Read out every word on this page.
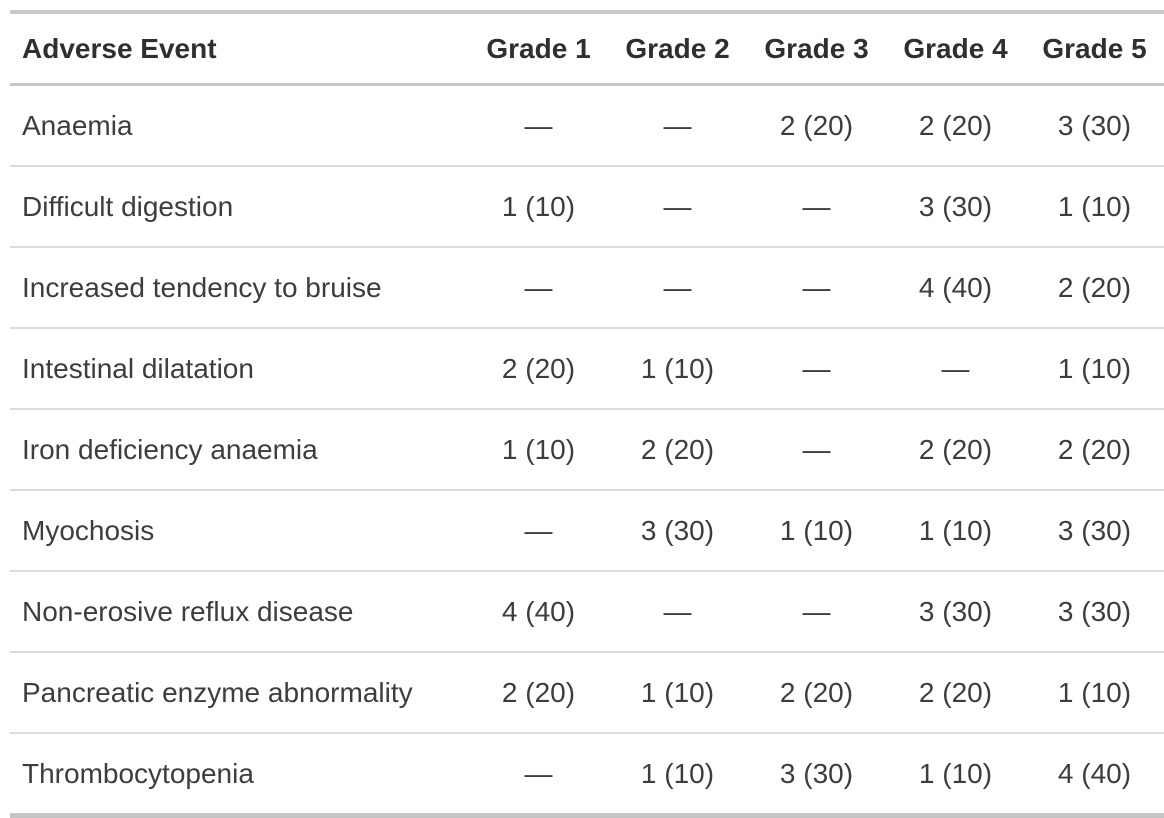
Adverse Event	Grade 1	Grade 2	Grade 3	Grade 4	Grade 5
Anaemia	—	—	2 (20)	2 (20)	3 (30)
Difficult digestion	1 (10)	—	—	3 (30)	1 (10)
Increased tendency to bruise	—	—	—	4 (40)	2 (20)
Intestinal dilatation	2 (20)	1 (10)	—	—	1 (10)
Iron deficiency anaemia	1 (10)	2 (20)	—	2 (20)	2 (20)
Myochosis	—	3 (30)	1 (10)	1 (10)	3 (30)
Non-erosive reflux disease	4 (40)	—	—	3 (30)	3 (30)
Pancreatic enzyme abnormality	2 (20)	1 (10)	2 (20)	2 (20)	1 (10)
Thrombocytopenia	—	1 (10)	3 (30)	1 (10)	4 (40)
